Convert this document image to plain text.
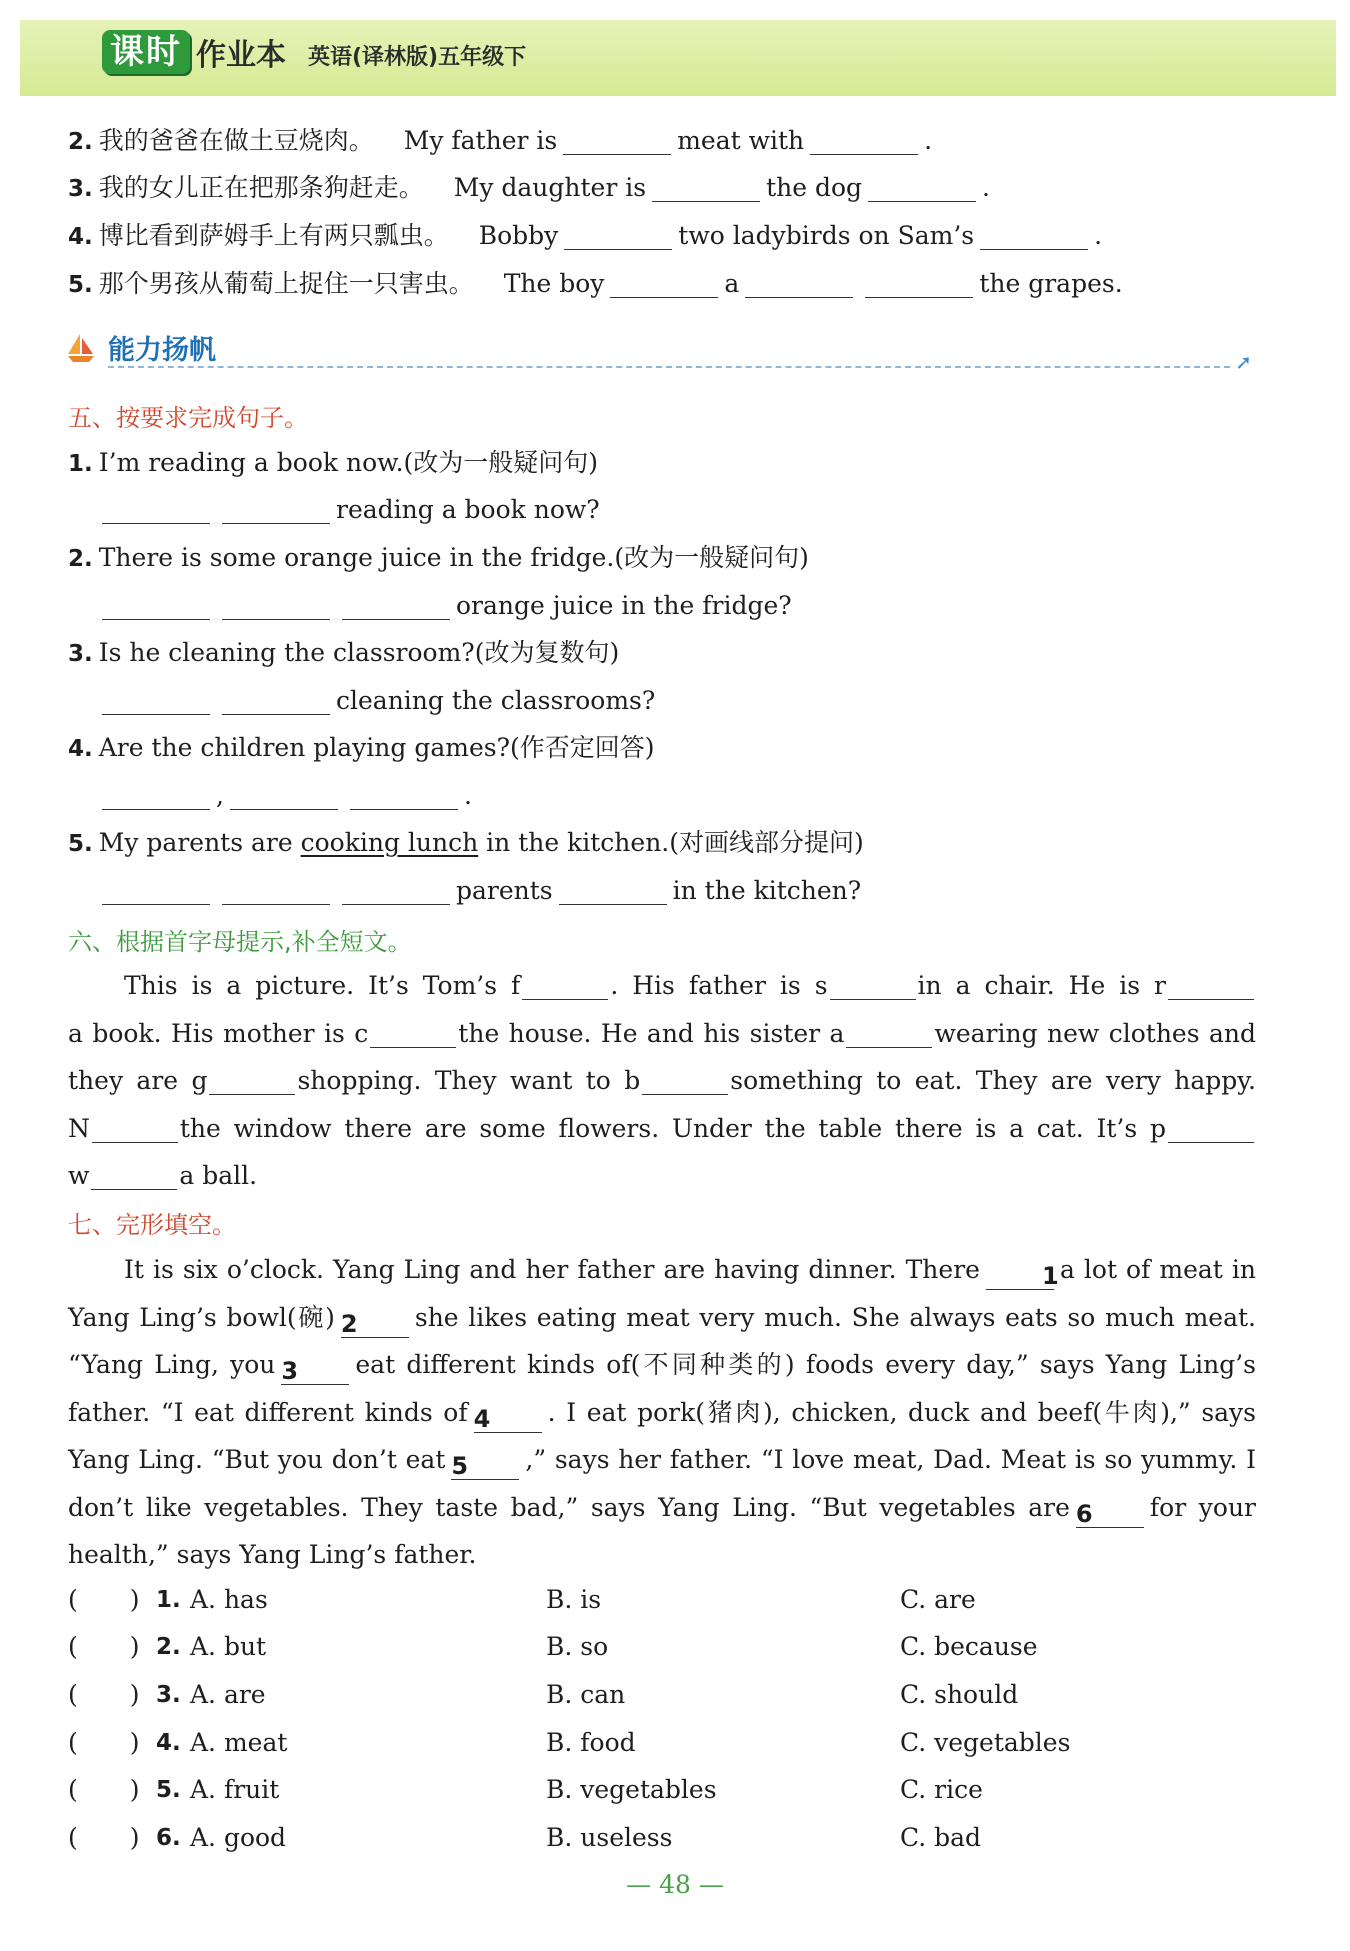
课时 作业本 英语(译林版)五年级下
2. 我的爸爸在做土豆烧肉。 My father is	meat with	.
3. 我的女儿正在把那条狗赶走。 My daughter is	the dog	.
4. 博比看到萨姆手上有两只瓢虫。 Bobby	two ladybirds on Sam’s	.
5. 那个男孩从葡萄上捉住一只害虫。 The boy	a	the grapes.
能力扬帆	➚
五、按要求完成句子。
1. I’m reading a book now.(改为一般疑问句)
reading a book now?
2. There is some orange juice in the fridge.(改为一般疑问句)
orange juice in the fridge?
3. Is he cleaning the classroom?(改为复数句)
cleaning the classrooms?
4. Are the children playing games?(作否定回答)
,	.
5. My parents are cooking lunch in the kitchen.(对画线部分提问)
parents	in the kitchen?
六、根据首字母提示,补全短文。

This is a picture. It’s Tom’s f	. His father is s	in a chair. He is r

a book. His mother is c	the house. He and his sister a	wearing new clothes and

they are g	shopping. They want to b	something to eat. They are very happy.

N	the window there are some flowers. Under the table there is a cat. It’s p

w	a ball.

七、完形填空。

It is six o’clock. Yang Ling and her father are having dinner. There	1a lot of meat in

Yang Ling’s bowl(碗) 2 she likes eating meat very much. She always eats so much meat.

“Yang Ling, you 3 eat different kinds of(不同种类的) foods every day,” says Yang Ling’s

father. “I eat different kinds of 4 . I eat pork(猪肉), chicken, duck and beef(牛肉),” says

Yang Ling. “But you don’t eat 5 ,” says her father. “I love meat, Dad. Meat is so yummy. I

don’t like vegetables. They taste bad,” says Yang Ling. “But vegetables are 6 for your

health,” says Yang Ling’s father.

( ) 1. A. has	B. is	C. are
( ) 2. A. but	B. so	C. because
( ) 3. A. are	B. can	C. should
( ) 4. A. meat	B. food	C. vegetables
( ) 5. A. fruit	B. vegetables	C. rice
( ) 6. A. good	B. useless	C. bad
— 48 —
